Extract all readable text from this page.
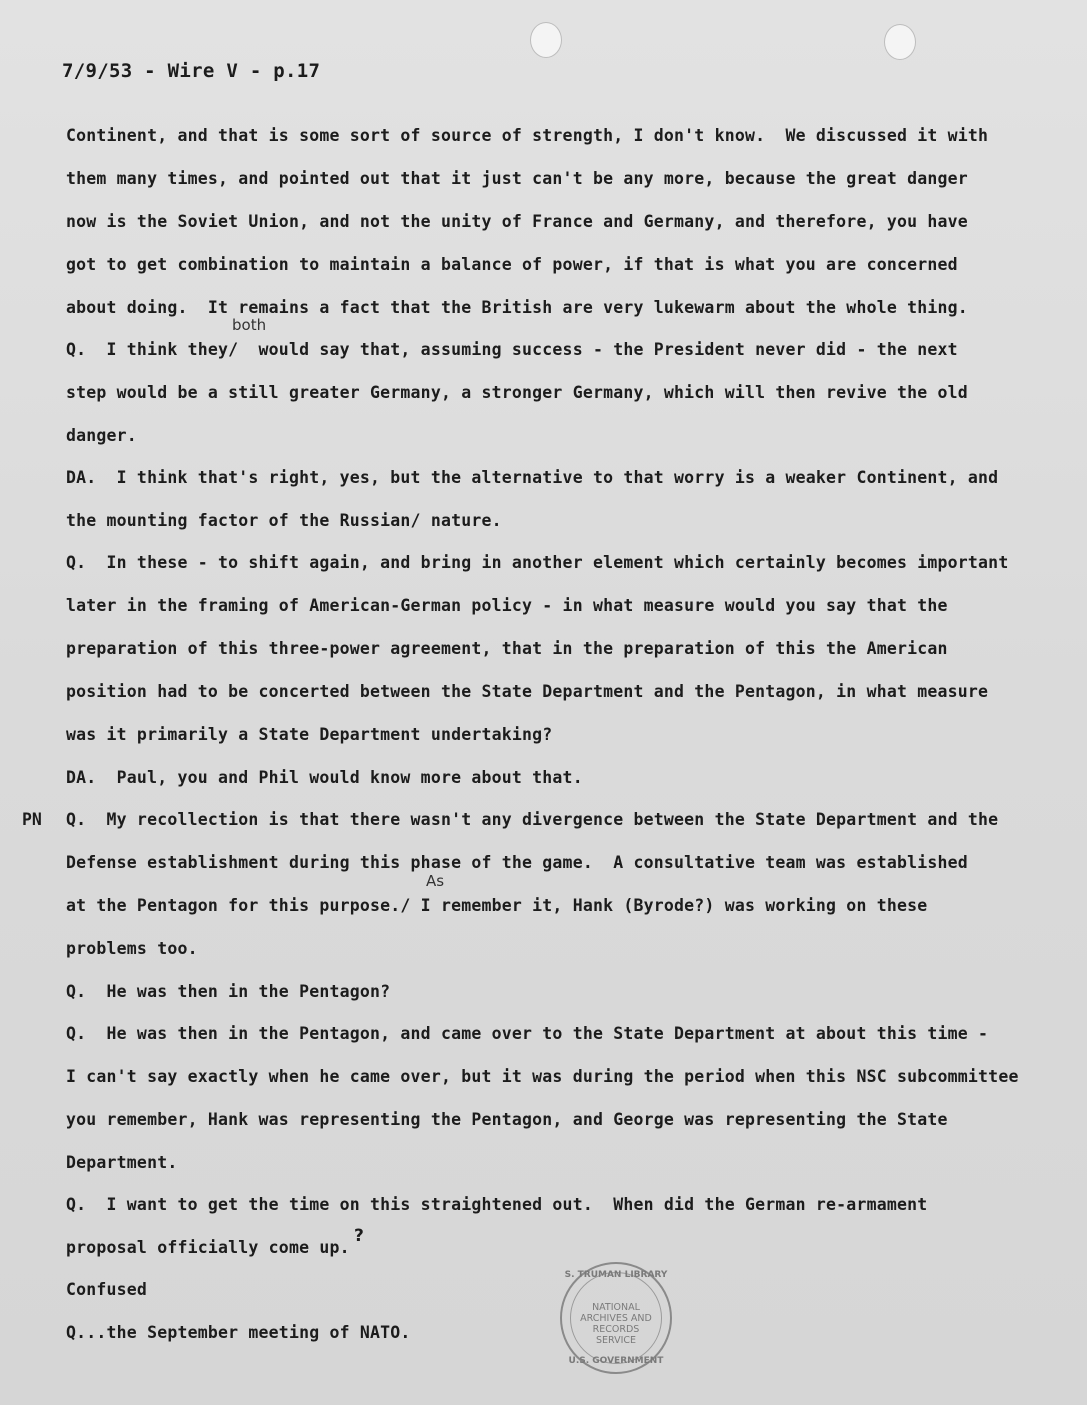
7/9/53 - Wire V - p.17
Continent, and that is some sort of source of strength, I don't know.  We discussed it with
them many times, and pointed out that it just can't be any more, because the great danger
now is the Soviet Union, and not the unity of France and Germany, and therefore, you have
got to get combination to maintain a balance of power, if that is what you are concerned
about doing.  It remains a fact that the British are very lukewarm about the whole thing.
both
Q.  I think they/  would say that, assuming success - the President never did - the next
step would be a still greater Germany, a stronger Germany, which will then revive the old
danger.
DA.  I think that's right, yes, but the alternative to that worry is a weaker Continent, and
the mounting factor of the Russian/ nature.
Q.  In these - to shift again, and bring in another element which certainly becomes important
later in the framing of American-German policy - in what measure would you say that the
preparation of this three-power agreement, that in the preparation of this the American
position had to be concerted between the State Department and the Pentagon, in what measure
was it primarily a State Department undertaking?
DA.  Paul, you and Phil would know more about that.
PN Q.  My recollection is that there wasn't any divergence between the State Department and the
Defense establishment during this phase of the game.  A consultative team was established
As
at the Pentagon for this purpose./ I remember it, Hank (Byrode?) was working on these
problems too.
Q.  He was then in the Pentagon?
Q.  He was then in the Pentagon, and came over to the State Department at about this time -
I can't say exactly when he came over, but it was during the period when this NSC subcommittee
you remember, Hank was representing the Pentagon, and George was representing the State
Department.
Q.  I want to get the time on this straightened out.  When did the German re-armament
proposal officially come up.
?
Confused
Q...the September meeting of NATO.
S. TRUMAN LIBRARY
NATIONAL
ARCHIVES AND
RECORDS
SERVICE
U.S. GOVERNMENT
